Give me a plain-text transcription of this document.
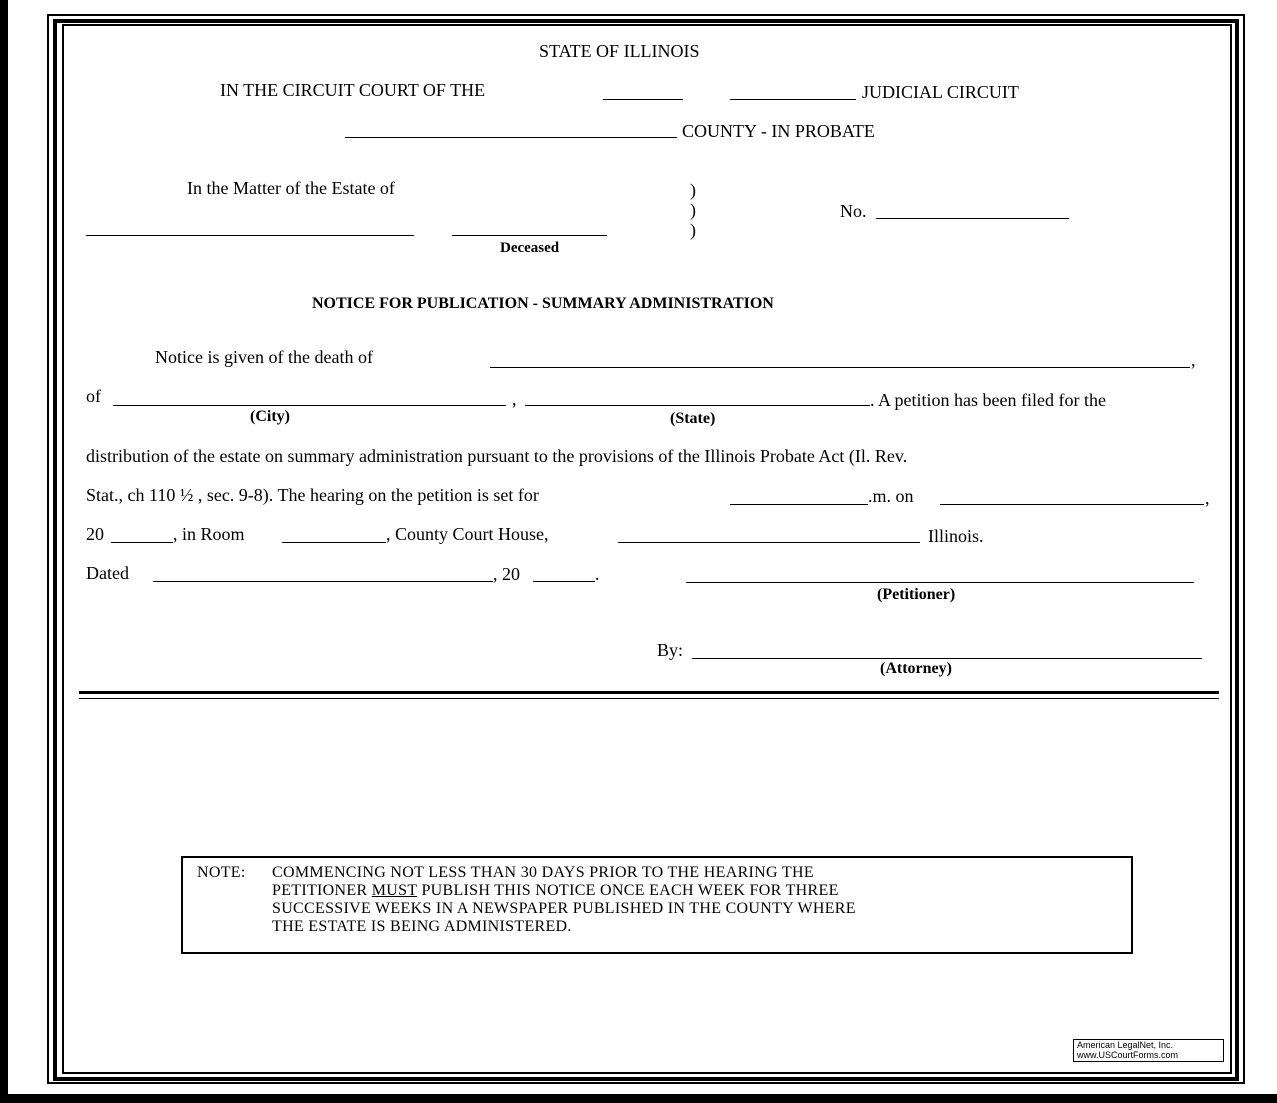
STATE OF ILLINOIS
IN THE CIRCUIT COURT OF THE	JUDICIAL CIRCUIT
COUNTY - IN PROBATE
In the Matter of the Estate of	)
)
)
No.
Deceased
NOTICE FOR PUBLICATION - SUMMARY ADMINISTRATION
Notice is given of the death of	,
of	,	. A petition has been filed for the
(City)	(State)
distribution of the estate on summary administration pursuant to the provisions of the Illinois Probate Act (Il. Rev.
Stat., ch 110 ½ , sec. 9-8). The hearing on the petition is set for	.m. on	,
20	, in Room	, County Court House,	Illinois.
Dated	, 20	.
(Petitioner)
By:
(Attorney)
NOTE: COMMENCING NOT LESS THAN 30 DAYS PRIOR TO THE HEARING THE
PETITIONER MUST PUBLISH THIS NOTICE ONCE EACH WEEK FOR THREE
SUCCESSIVE WEEKS IN A NEWSPAPER PUBLISHED IN THE COUNTY WHERE
THE ESTATE IS BEING ADMINISTERED.
American LegalNet, Inc.
www.USCourtForms.com
